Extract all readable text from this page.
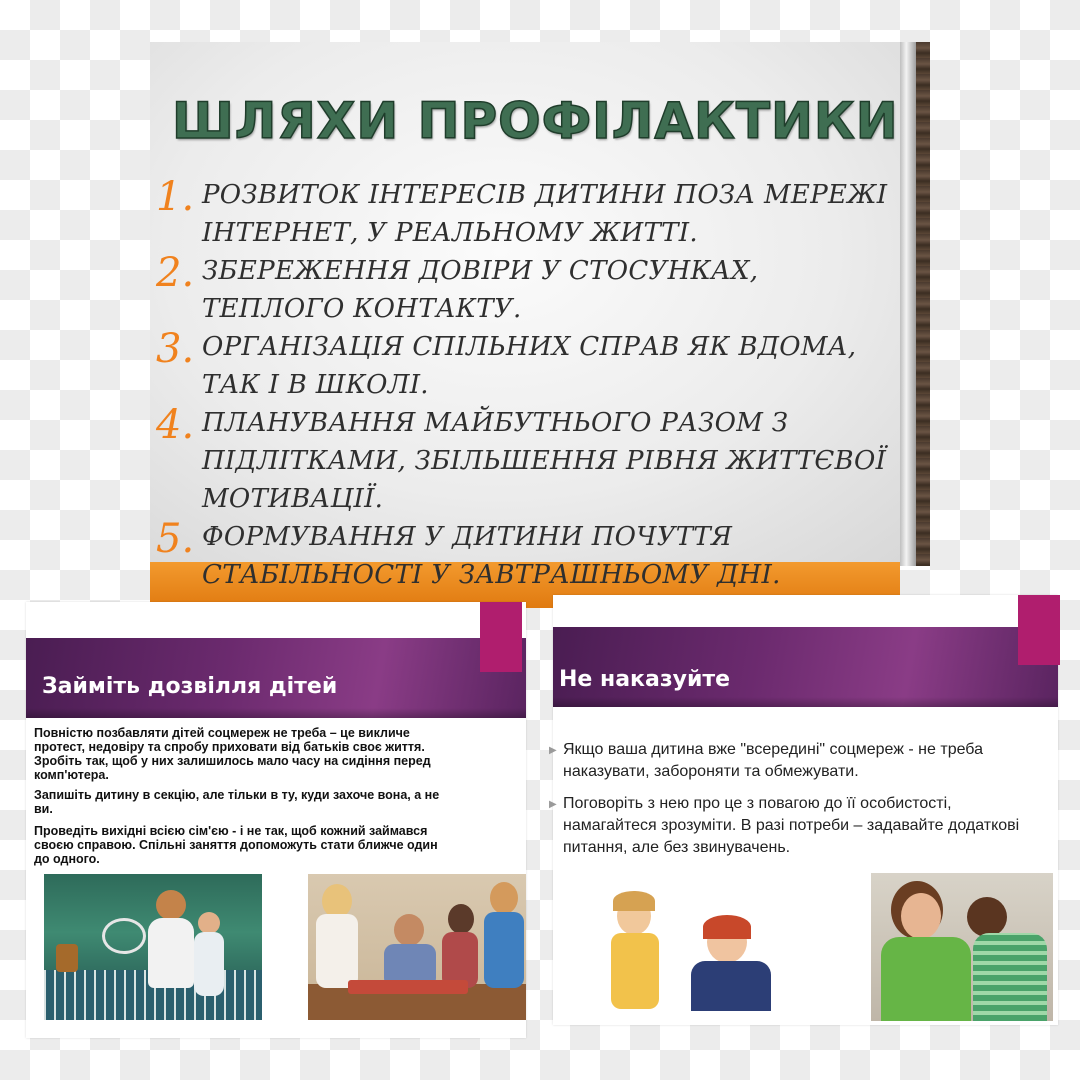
ШЛЯХИ ПРОФІЛАКТИКИ
1. РОЗВИТОК ІНТЕРЕСІВ ДИТИНИ ПОЗА МЕРЕЖІ
ІНТЕРНЕТ, У РЕАЛЬНОМУ ЖИТТІ.
2. ЗБЕРЕЖЕННЯ ДОВІРИ У СТОСУНКАХ,
ТЕПЛОГО КОНТАКТУ.
3. ОРГАНІЗАЦІЯ СПІЛЬНИХ СПРАВ ЯК ВДОМА,
ТАК І В ШКОЛІ.
4. ПЛАНУВАННЯ МАЙБУТНЬОГО РАЗОМ З
ПІДЛІТКАМИ, ЗБІЛЬШЕННЯ РІВНЯ ЖИТТЄВОЇ
МОТИВАЦІЇ.
5. ФОРМУВАННЯ У ДИТИНИ ПОЧУТТЯ
СТАБІЛЬНОСТІ У ЗАВТРАШНЬОМУ ДНІ.
Займіть дозвілля дітей
Повністю позбавляти дітей соцмереж не треба – це викличе
протест, недовіру та спробу приховати від батьків своє життя.
Зробіть так, щоб у них залишилось мало часу на сидіння перед
комп'ютера.
Запишіть дитину в секцію, але тільки в ту, куди захоче вона, а не
ви.
Проведіть вихідні всією сім'єю - і не так, щоб кожний займався
своєю справою. Спільні заняття допоможуть стати ближче один
до одного.
Не наказуйте
▶ Якщо ваша дитина вже "всередині" соцмереж - не треба
наказувати, забороняти та обмежувати.
▶ Поговоріть з нею про це з повагою до її особистості,
намагайтеся зрозуміти. В разі потреби – задавайте додаткові
питання, але без звинувачень.
